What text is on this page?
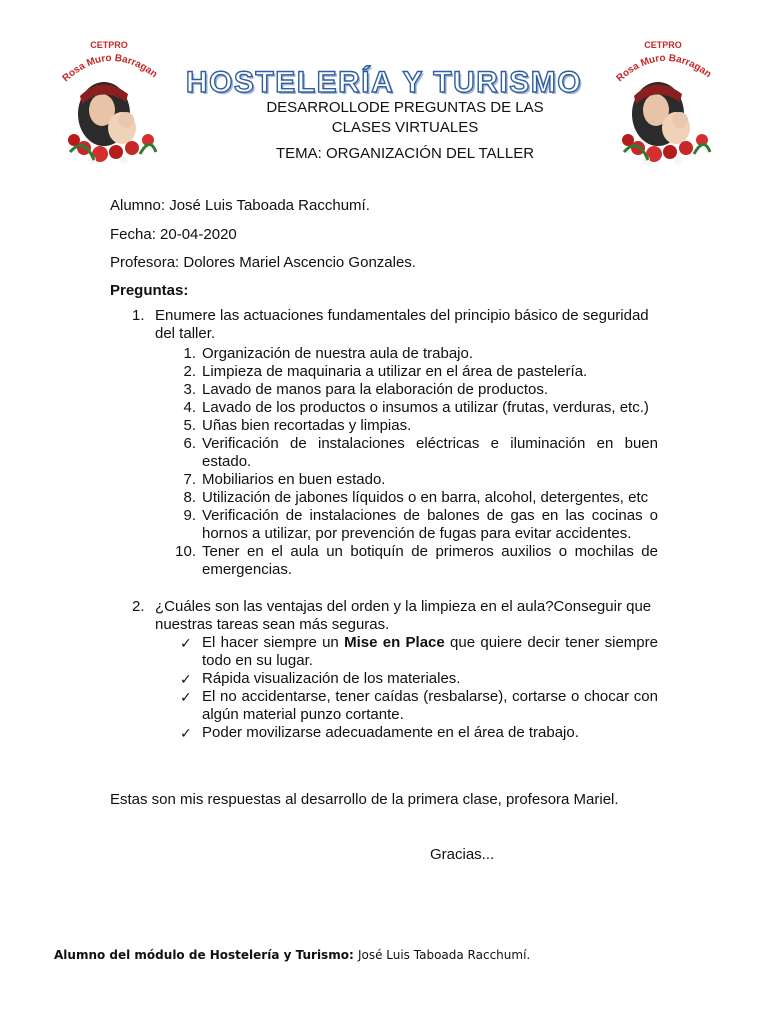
CETPRO
Rosa Muro Barragan
CETPRO
Rosa Muro Barragan
HOSTELERÍA Y TURISMO
DESARROLLODE PREGUNTAS DE LAS
CLASES VIRTUALES
TEMA: ORGANIZACIÓN DEL TALLER
Alumno: José Luis Taboada Racchumí.
Fecha: 20-04-2020
Profesora: Dolores Mariel Ascencio Gonzales.
Preguntas:
1. Enumere las actuaciones fundamentales del principio básico de seguridad
del taller.
1. Organización de nuestra aula de trabajo.
2. Limpieza de maquinaria a utilizar en el área de pastelería.
3. Lavado de manos para la elaboración de productos.
4. Lavado de los productos o insumos a utilizar (frutas, verduras, etc.)
5. Uñas bien recortadas y limpias.
6. Verificación de instalaciones eléctricas e iluminación en buen estado.
7. Mobiliarios en buen estado.
8. Utilización de jabones líquidos o en barra, alcohol, detergentes, etc
9. Verificación de instalaciones de balones de gas en las cocinas o hornos a utilizar, por prevención de fugas para evitar accidentes.
10. Tener en el aula un botiquín de primeros auxilios o mochilas de emergencias.
2. ¿Cuáles son las ventajas del orden y la limpieza en el aula?Conseguir que
nuestras tareas sean más seguras.
✓ El hacer siempre un Mise en Place que quiere decir tener siempre todo en su lugar.
✓ Rápida visualización de los materiales.
✓ El no accidentarse, tener caídas (resbalarse), cortarse o chocar con algún material punzo cortante.
✓ Poder movilizarse adecuadamente en el área de trabajo.
Estas son mis respuestas al desarrollo de la primera clase, profesora Mariel.
Gracias...
Alumno del módulo de Hostelería y Turismo: José Luis Taboada Racchumí.
